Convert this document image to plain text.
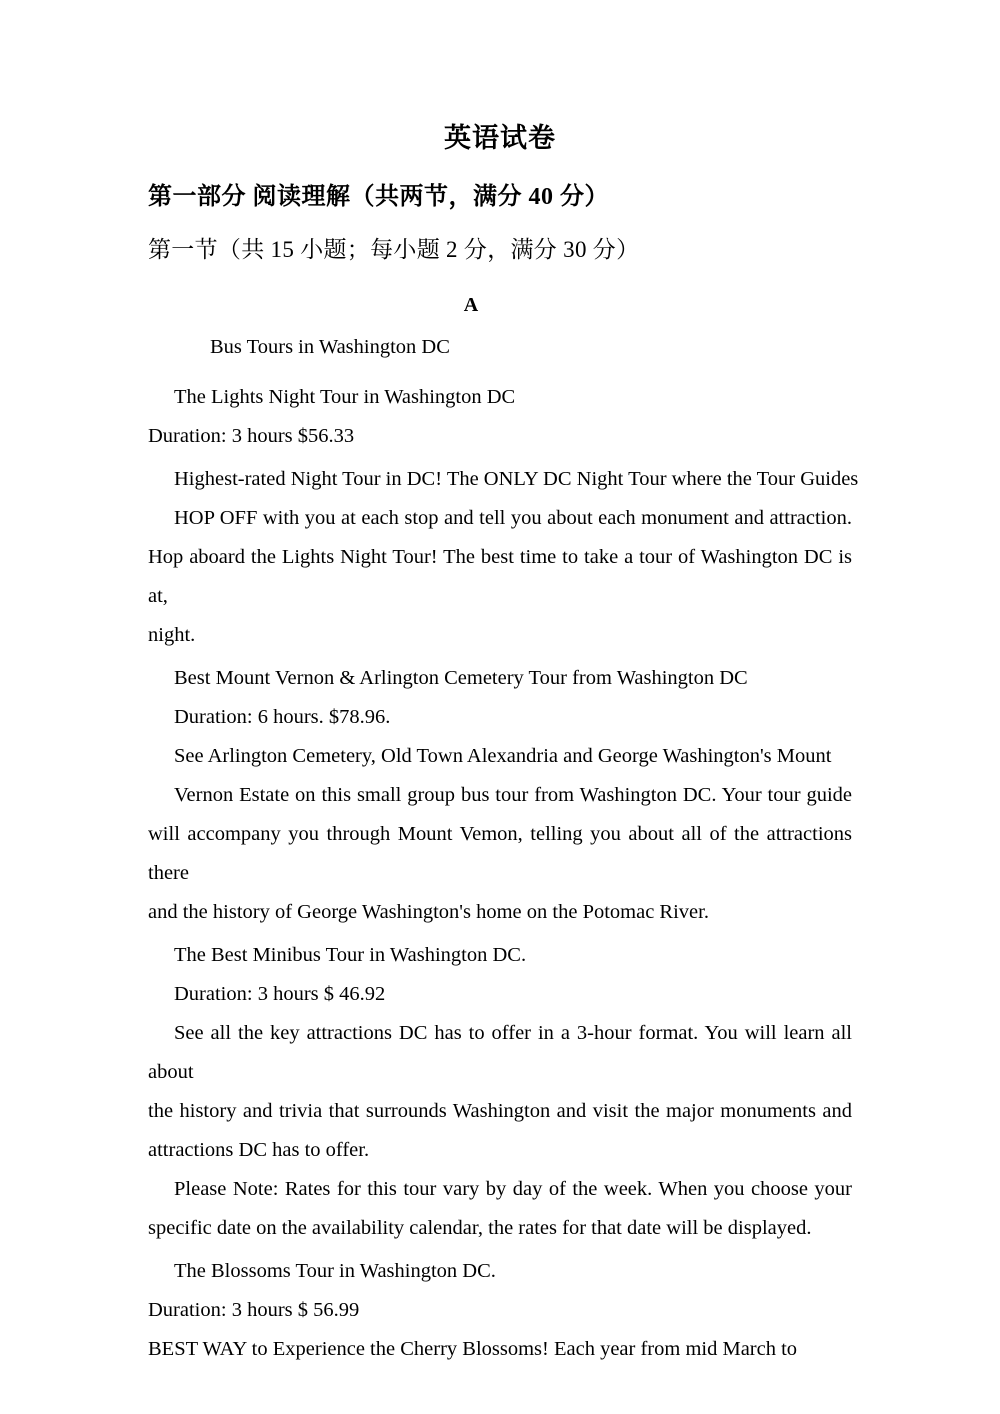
英语试卷
第一部分 阅读理解（共两节，满分 40 分）

第一节（共 15 小题；每小题 2 分，满分 30 分）

A

Bus Tours in Washington DC

The Lights Night Tour in Washington DC

Duration: 3 hours $56.33

Highest-rated Night Tour in DC! The ONLY DC Night Tour where the Tour Guides

HOP OFF with you at each stop and tell you about each monument and attraction.

Hop aboard the Lights Night Tour! The best time to take a tour of Washington DC is at,

night.

Best Mount Vernon & Arlington Cemetery Tour from Washington DC

Duration: 6 hours. $78.96.

See Arlington Cemetery, Old Town Alexandria and George Washington's Mount

Vernon Estate on this small group bus tour from Washington DC. Your tour guide

will accompany you through Mount Vemon, telling you about all of the attractions there

and the history of George Washington's home on the Potomac River.

The Best Minibus Tour in Washington DC.

Duration: 3 hours $ 46.92

See all the key attractions DC has to offer in a 3-hour format. You will learn all about

the history and trivia that surrounds Washington and visit the major monuments and

attractions DC has to offer.

Please Note: Rates for this tour vary by day of the week. When you choose your

specific date on the availability calendar, the rates for that date will be displayed.

The Blossoms Tour in Washington DC.

Duration: 3 hours $ 56.99

BEST WAY to Experience the Cherry Blossoms! Each year from mid March to
